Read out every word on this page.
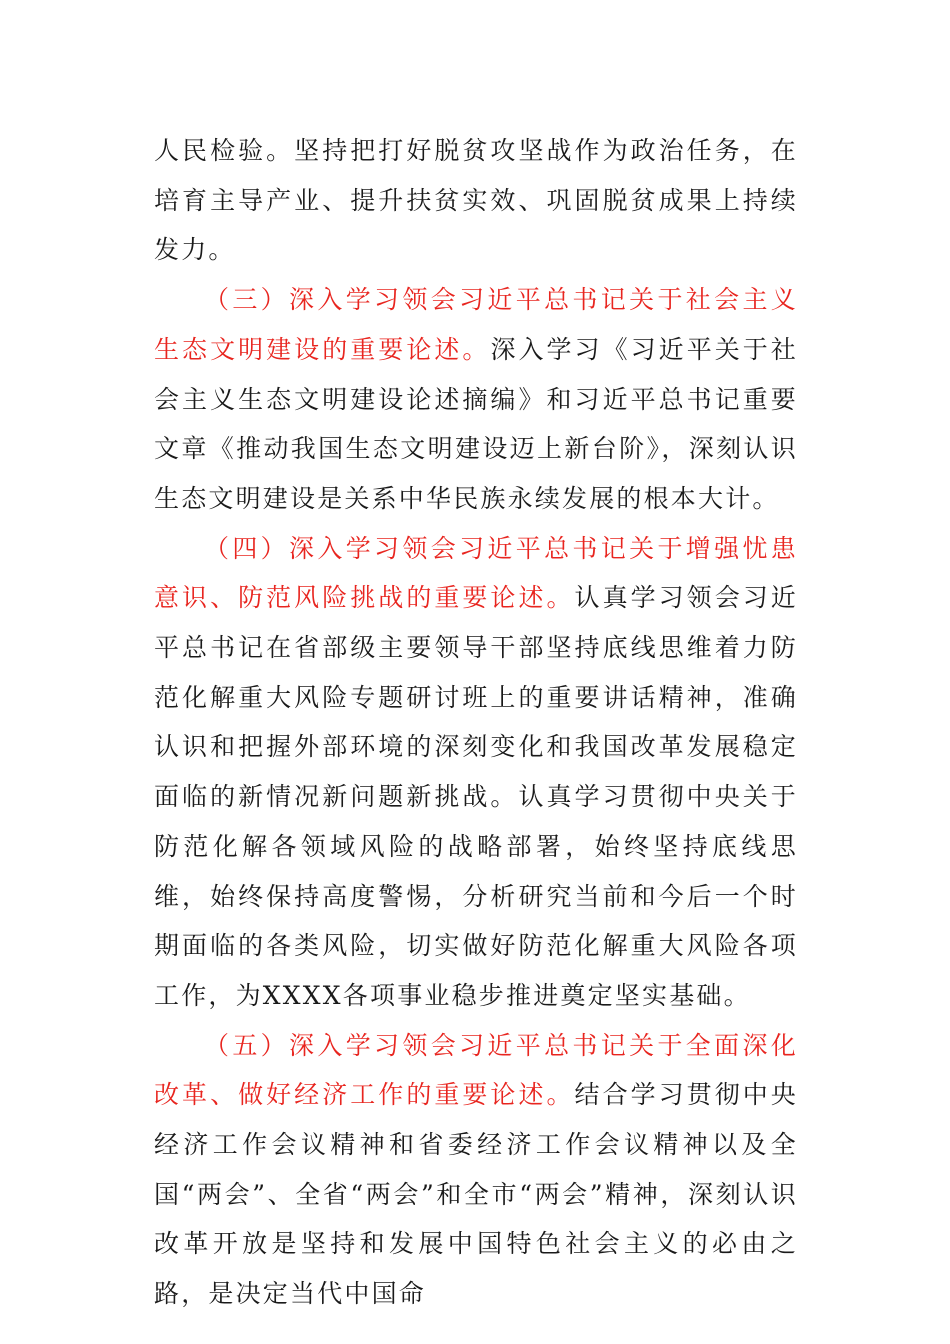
人民检验。坚持把打好脱贫攻坚战作为政治任务，在培育主导产业、提升扶贫实效、巩固脱贫成果上持续发力。

（三）深入学习领会习近平总书记关于社会主义生态文明建设的重要论述。深入学习《习近平关于社会主义生态文明建设论述摘编》和习近平总书记重要文章《推动我国生态文明建设迈上新台阶》，深刻认识生态文明建设是关系中华民族永续发展的根本大计。

（四）深入学习领会习近平总书记关于增强忧患意识、防范风险挑战的重要论述。认真学习领会习近平总书记在省部级主要领导干部坚持底线思维着力防范化解重大风险专题研讨班上的重要讲话精神，准确认识和把握外部环境的深刻变化和我国改革发展稳定面临的新情况新问题新挑战。认真学习贯彻中央关于防范化解各领域风险的战略部署，始终坚持底线思维，始终保持高度警惕，分析研究当前和今后一个时期面临的各类风险，切实做好防范化解重大风险各项工作，为XXXX各项事业稳步推进奠定坚实基础。

（五）深入学习领会习近平总书记关于全面深化改革、做好经济工作的重要论述。结合学习贯彻中央经济工作会议精神和省委经济工作会议精神以及全国“两会”、全省“两会”和全市“两会”精神，深刻认识改革开放是坚持和发展中国特色社会主义的必由之路，是决定当代中国命
